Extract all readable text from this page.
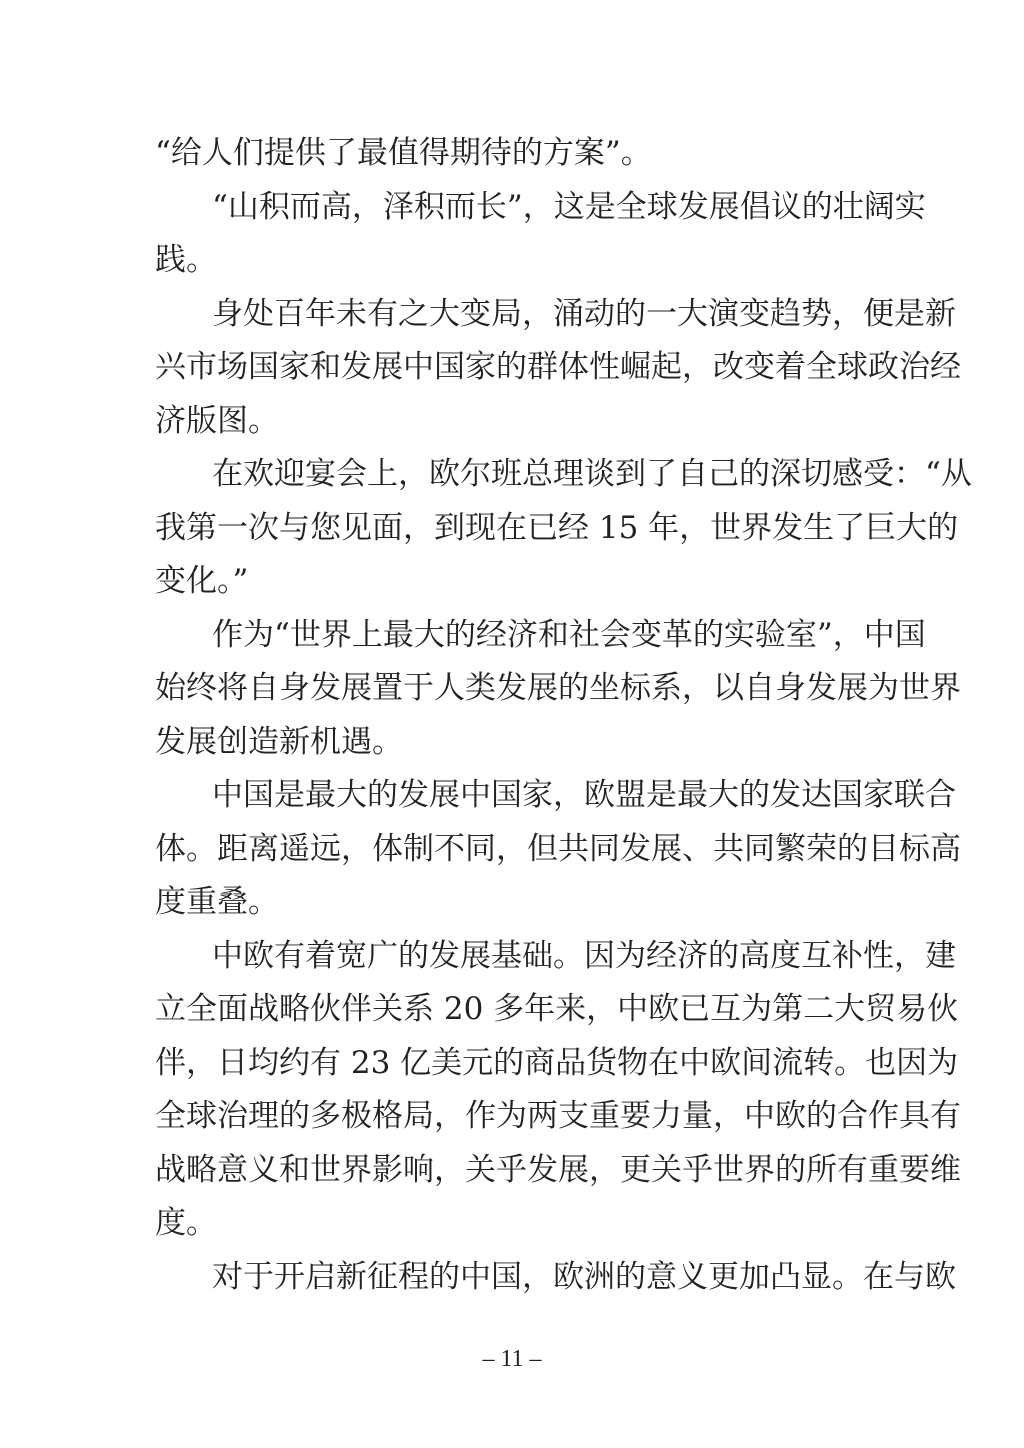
“给人们提供了最值得期待的方案”。
“山积而高，泽积而长”，这是全球发展倡议的壮阔实
践。
身处百年未有之大变局，涌动的一大演变趋势，便是新
兴市场国家和发展中国家的群体性崛起，改变着全球政治经
济版图。
在欢迎宴会上，欧尔班总理谈到了自己的深切感受：“从
我第一次与您见面，到现在已经 15 年，世界发生了巨大的
变化。”
作为“世界上最大的经济和社会变革的实验室”，中国
始终将自身发展置于人类发展的坐标系，以自身发展为世界
发展创造新机遇。
中国是最大的发展中国家，欧盟是最大的发达国家联合
体。距离遥远，体制不同，但共同发展、共同繁荣的目标高
度重叠。
中欧有着宽广的发展基础。因为经济的高度互补性，建
立全面战略伙伴关系 20 多年来，中欧已互为第二大贸易伙
伴，日均约有 23 亿美元的商品货物在中欧间流转。也因为
全球治理的多极格局，作为两支重要力量，中欧的合作具有
战略意义和世界影响，关乎发展，更关乎世界的所有重要维
度。
对于开启新征程的中国，欧洲的意义更加凸显。在与欧
– 11 –
